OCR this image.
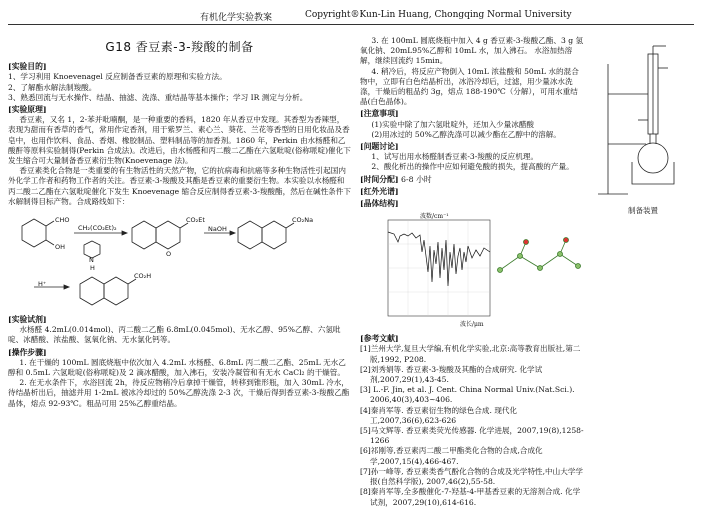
有机化学实验教案	Copyright®Kun-Lin Huang, Chongqing Normal University
G18 香豆素-3-羧酸的制备
[实验目的]

1、学习利用 Knoevenagel 反应制备香豆素的原理和实验方法。

2、了解酯水解法制羧酸。

3、熟悉回流与无水操作、结晶、抽滤、洗涤、重结晶等基本操作；学习 IR 测定与分析。

[实验原理]

香豆素，又名 1，2-苯并吡喃酮，是一种重要的香料，1820 年从香豆中发现。其香型为香辣型，表现为甜而有香草的香气，常用作定香剂，用于紫罗兰、素心兰、葵花、兰花等香型的日用化妆品及香皂中，也用作饮料、食品、香烟、橡胶制品、塑料制品等的加香剂。1860 年，Perkin 由水杨醛和乙酸酐等原料实验制得(Perkin 合成法)。改进后，由水杨醛和丙二酸二乙酯在六氢吡啶(俗称哌啶)催化下发生缩合可大量制备香豆素衍生物(Knoevenage 法)。

香豆素类化合物是一类重要的有生物活性的天然产物，它的抗病毒和抗癌等多种生物活性引起国内外化学工作者和药物工作者的关注。香豆素-3-羧酸及其酯是香豆素的重要衍生物。本实验以水杨醛和丙二酸二乙酯在六氢吡啶催化下发生 Knoevenage 缩合反应制得香豆素-3-羧酸酯，然后在碱性条件下水解制得目标产物。合成路线如下：

CHO
OH
CH₂(CO₂Et)₂
N
H
CO₂Et
O
NaOH
CO₂Na
H⁺
CO₂H
[实验试剂]

水杨醛 4.2mL(0.014mol)、丙二酸二乙酯 6.8mL(0.045mol)、无水乙醇、95%乙醇、六氢吡啶、冰醋酸、浓盐酸、氢氧化钠、无水氯化钙等。

[操作步骤]

1. 在干燥的 100mL 圆底烧瓶中依次加入 4.2mL 水杨醛、6.8mL 丙二酸二乙酯、25mL 无水乙醇和 0.5mL 六氢吡啶(俗称哌啶)及 2 滴冰醋酸，加入沸石，安装冷凝管和有无水 CaCl₂ 的干燥管。

2. 在无水条件下，水浴回流 2h，待反应物稍冷后拿掉干燥管，转移到锥形瓶，加入 30mL 冷水，待结晶析出后，抽滤并用 1-2mL 被冰冷却过的 50%乙醇洗涤 2-3 次，干燥后得到香豆素-3-羧酸乙酯晶体，熔点 92-93℃。粗品可用 25%乙醇重结晶。

3. 在 100mL 圆底烧瓶中加入 4 g 香豆素-3-羧酸乙酯、3 g 氢氧化钠、20mL95%乙醇和 10mL 水，加入沸石。 水浴加热溶解，继续回流约 15min。

4. 稍冷后，将反应产物倒入 10mL 浓盐酸和 50mL 水的混合物中，立即有白色结晶析出，冰浴冷却后，过滤，用少量冰水洗涤，干燥后的粗品约 3g，熔点 188-190℃（分解），可用水重结晶(白色晶体)。

[注意事项]

(1)实验中除了加六氢吡啶外，还加入少量冰醋酸

(2)用冰过的 50%乙醇洗涤可以减少酯在乙醇中的溶解。

[问题讨论]

1、试写出用水杨醛制香豆素-3-羧酸的反应机理。

2、酸化析出的操作中应如何避免酸的损失，提高酸的产量。

[时间分配] 6-8 小时
[红外光谱]
[晶体结构]
波数/cm⁻¹
波长/μm
[参考文献]
[1]兰州大学,复旦大学编,有机化学实验,北京:高等教育出版社,第二版,1992, P208.
[2]刘秀娟等. 香豆素-3-羧酸及其酯的合成研究. 化学试剂,2007,29(1),43-45.
[3] L.-F. Jin, et al. J. Cent. China Normal Univ.(Nat.Sci.). 2006,40(3),403~406.
[4]秦肖军等. 香豆素衍生物的绿色合成. 现代化工,2007,36(6),623-626
[5]马文辉等. 香豆素类荧光传感器. 化学进展，2007,19(8),1258-1266
[6]祁刚等,香豆素丙二酸二甲酯类化合物的合成,合成化学,2007,15(4),466-467.
[7]孙一峰等, 香豆素类香气酚化合物的合成及光学特性,中山大学学报(自然科学版), 2007,46(2),55-58.
[8]秦肖军等,全多酸催化-7-羟基-4-甲基香豆素的无溶剂合成. 化学试剂，2007,29(10),614-616.
制备装置
